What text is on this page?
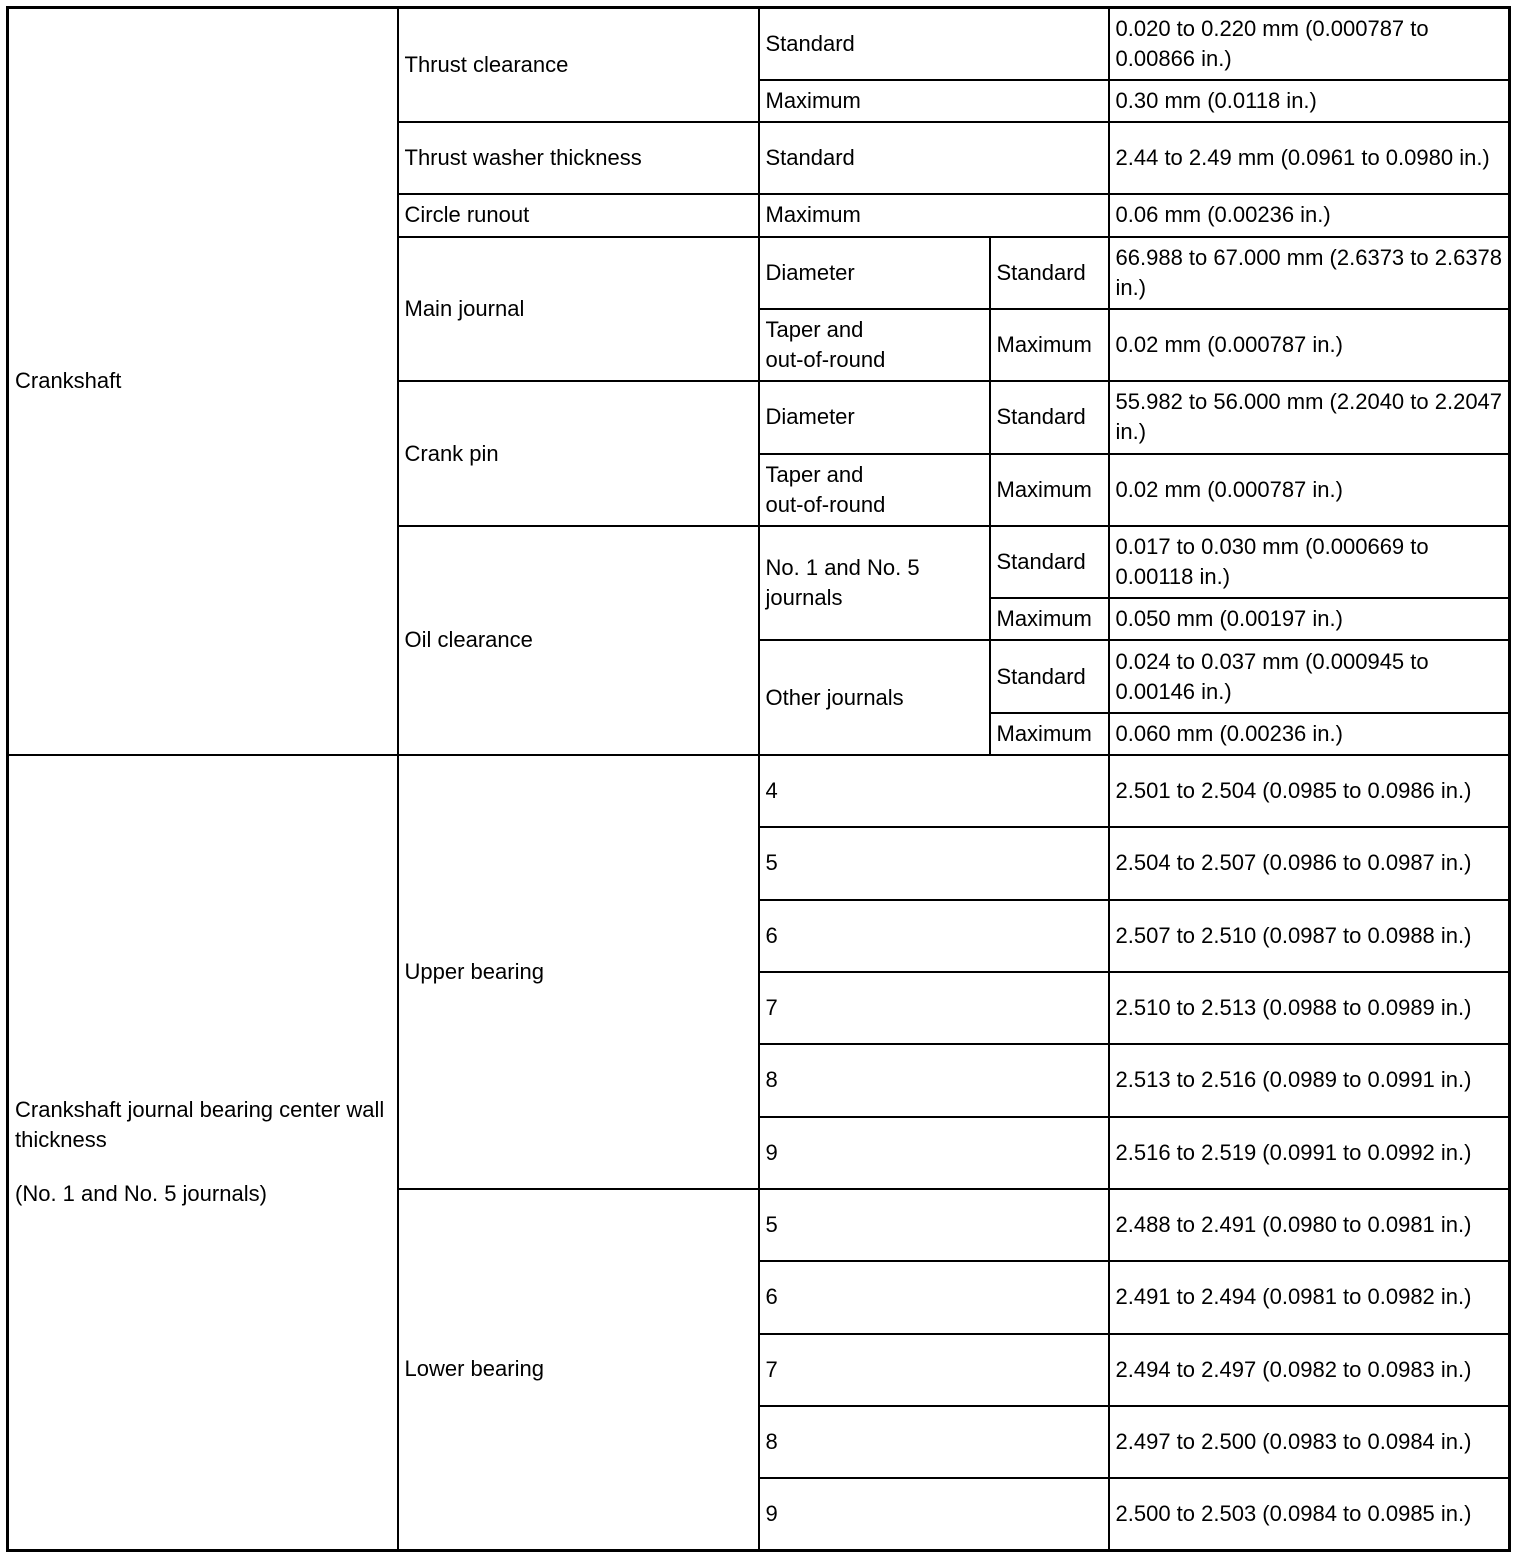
Crankshaft	Thrust clearance	Standard		0.020 to 0.220 mm (0.000787 to 0.00866 in.)
		Maximum		0.30 mm (0.0118 in.)
	Thrust washer thickness	Standard		2.44 to 2.49 mm (0.0961 to 0.0980 in.)
	Circle runout	Maximum		0.06 mm (0.00236 in.)
	Main journal	Diameter	Standard	66.988 to 67.000 mm (2.6373 to 2.6378 in.)
		Taper and
out-of-round	Maximum	0.02 mm (0.000787 in.)
	Crank pin	Diameter	Standard	55.982 to 56.000 mm (2.2040 to 2.2047 in.)
		Taper and
out-of-round	Maximum	0.02 mm (0.000787 in.)
	Oil clearance	No. 1 and No. 5 journals	Standard	0.017 to 0.030 mm (0.000669 to 0.00118 in.)
			Maximum	0.050 mm (0.00197 in.)
		Other journals	Standard	0.024 to 0.037 mm (0.000945 to 0.00146 in.)
			Maximum	0.060 mm (0.00236 in.)
Crankshaft journal bearing center wall thickness
(No. 1 and No. 5 journals)	Upper bearing	4		2.501 to 2.504 (0.0985 to 0.0986 in.)
		5		2.504 to 2.507 (0.0986 to 0.0987 in.)
		6		2.507 to 2.510 (0.0987 to 0.0988 in.)
		7		2.510 to 2.513 (0.0988 to 0.0989 in.)
		8		2.513 to 2.516 (0.0989 to 0.0991 in.)
		9		2.516 to 2.519 (0.0991 to 0.0992 in.)
	Lower bearing	5		2.488 to 2.491 (0.0980 to 0.0981 in.)
		6		2.491 to 2.494 (0.0981 to 0.0982 in.)
		7		2.494 to 2.497 (0.0982 to 0.0983 in.)
		8		2.497 to 2.500 (0.0983 to 0.0984 in.)
		9		2.500 to 2.503 (0.0984 to 0.0985 in.)
